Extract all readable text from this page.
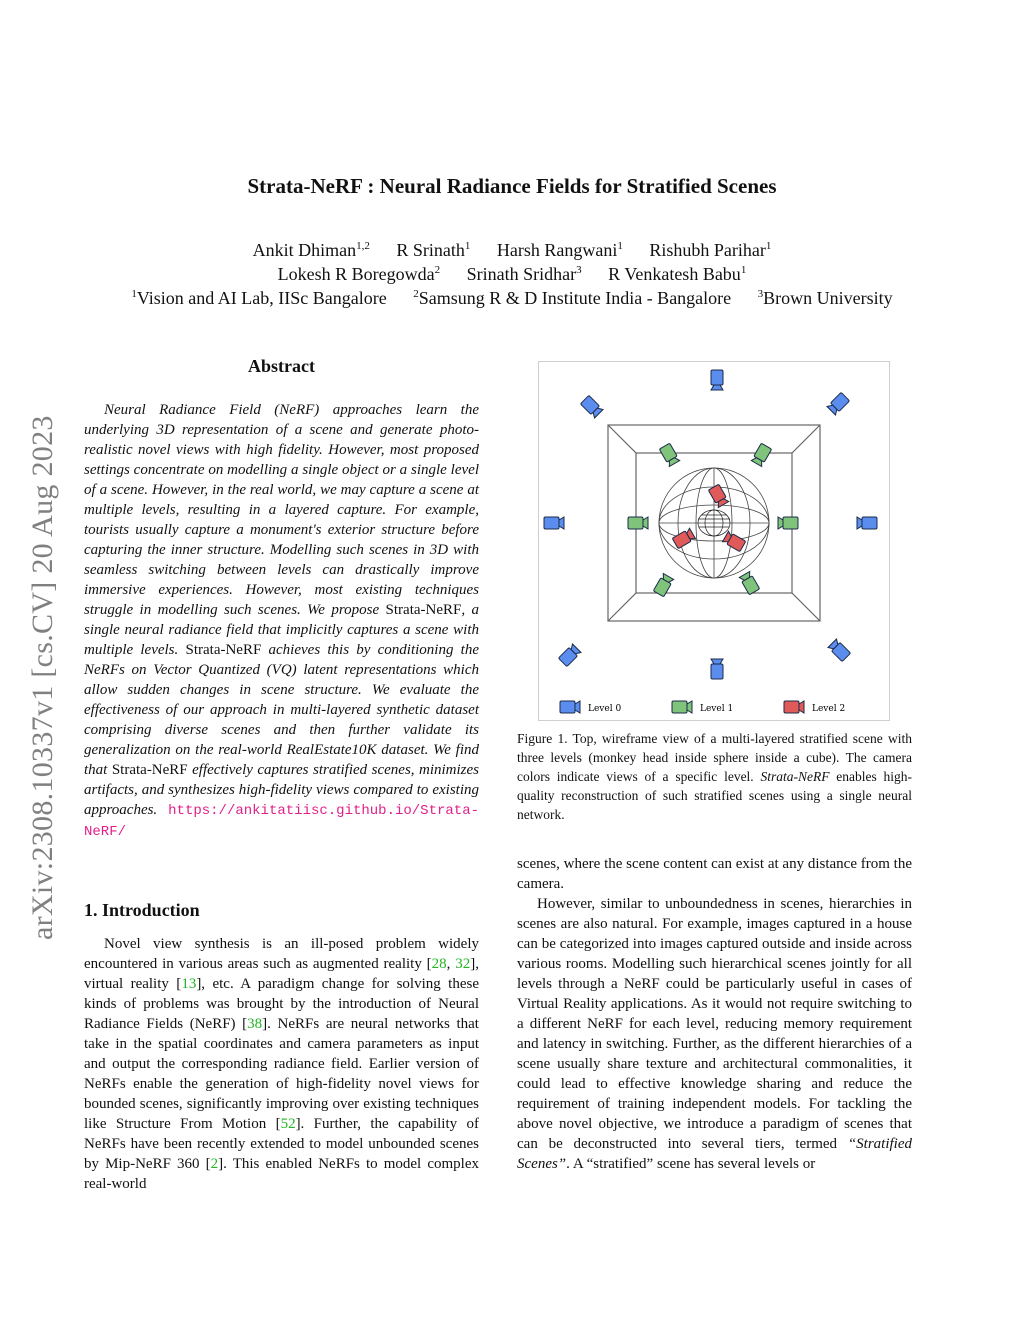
Strata-NeRF : Neural Radiance Fields for Stratified Scenes
Ankit Dhiman$^{1,2}$ R Srinath$^1$ Harsh Rangwani$^1$ Rishubh Parihar$^1$
Lokesh R Boregowda$^2$ Srinath Sridhar$^3$ R Venkatesh Babu$^1$
$^1$Vision and AI Lab, IISc Bangalore $^2$Samsung R & D Institute India - Bangalore $^3$Brown University
arXiv:2308.10337v1 [cs.CV] 20 Aug 2023
Abstract

Neural Radiance Field (NeRF) approaches learn the underlying 3D representation of a scene and generate photo-realistic novel views with high fidelity. However, most proposed settings concentrate on modelling a single object or a single level of a scene. However, in the real world, we may capture a scene at multiple levels, resulting in a layered capture. For example, tourists usually capture a monument's exterior structure before capturing the inner structure. Modelling such scenes in 3D with seamless switching between levels can drastically improve immersive experiences. However, most existing techniques struggle in modelling such scenes. We propose Strata-NeRF, a single neural radiance field that implicitly captures a scene with multiple levels. Strata-NeRF achieves this by conditioning the NeRFs on Vector Quantized (VQ) latent representations which allow sudden changes in scene structure. We evaluate the effectiveness of our approach in multi-layered synthetic dataset comprising diverse scenes and then further validate its generalization on the real-world RealEstate10K dataset. We find that Strata-NeRF effectively captures stratified scenes, minimizes artifacts, and synthesizes high-fidelity views compared to existing approaches. https://ankitatiisc.github.io/Strata-NeRF/

1. Introduction

Novel view synthesis is an ill-posed problem widely encountered in various areas such as augmented reality [28, 32], virtual reality [13], etc. A paradigm change for solving these kinds of problems was brought by the introduction of Neural Radiance Fields (NeRF) [38]. NeRFs are neural networks that take in the spatial coordinates and camera parameters as input and output the corresponding radiance field. Earlier version of NeRFs enable the generation of high-fidelity novel views for bounded scenes, significantly improving over existing techniques like Structure From Motion [52]. Further, the capability of NeRFs have been recently extended to model unbounded scenes by Mip-NeRF 360 [2]. This enabled NeRFs to model complex real-world

Level 0	Level 1	Level 2

Figure 1. Top, wireframe view of a multi-layered stratified scene with three levels (monkey head inside sphere inside a cube). The camera colors indicate views of a specific level. Strata-NeRF enables high-quality reconstruction of such stratified scenes using a single neural network.

scenes, where the scene content can exist at any distance from the camera.

However, similar to unboundedness in scenes, hierarchies in scenes are also natural. For example, images captured in a house can be categorized into images captured outside and inside across various rooms. Modelling such hierarchical scenes jointly for all levels through a NeRF could be particularly useful in cases of Virtual Reality applications. As it would not require switching to a different NeRF for each level, reducing memory requirement and latency in switching. Further, as the different hierarchies of a scene usually share texture and architectural commonalities, it could lead to effective knowledge sharing and reduce the requirement of training independent models. For tackling the above novel objective, we introduce a paradigm of scenes that can be deconstructed into several tiers, termed “Stratified Scenes”. A “stratified” scene has several levels or
